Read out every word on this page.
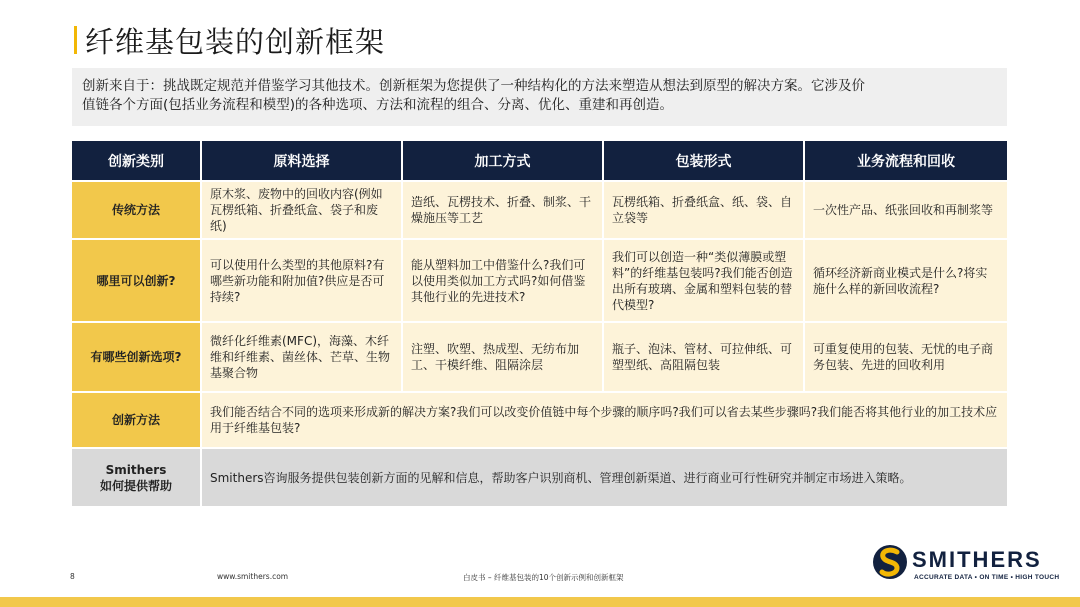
纤维基包装的创新框架
创新来自于：挑战既定规范并借鉴学习其他技术。创新框架为您提供了一种结构化的方法来塑造从想法到原型的解决方案。它涉及价
值链各个方面(包括业务流程和模型)的各种选项、方法和流程的组合、分离、优化、重建和再创造。
创新类别	原料选择	加工方式	包装形式	业务流程和回收
传统方法	原木浆、废物中的回收内容(例如瓦楞纸箱、折叠纸盒、袋子和废纸)	造纸、瓦楞技术、折叠、制浆、干燥施压等工艺	瓦楞纸箱、折叠纸盒、纸、袋、自立袋等	一次性产品、纸张回收和再制浆等
哪里可以创新?	可以使用什么类型的其他原料?有哪些新功能和附加值?供应是否可持续?	能从塑料加工中借鉴什么?我们可以使用类似加工方式吗?如何借鉴其他行业的先进技术?	我们可以创造一种“类似薄膜或塑料”的纤维基包装吗?我们能否创造出所有玻璃、金属和塑料包装的替代模型?	循环经济新商业模式是什么?将实施什么样的新回收流程?
有哪些创新选项?	微纤化纤维素(MFC)，海藻、木纤维和纤维素、菌丝体、芒草、生物基聚合物	注塑、吹塑、热成型、无纺布加工、干模纤维、阻隔涂层	瓶子、泡沫、管材、可拉伸纸、可塑型纸、高阻隔包装	可重复使用的包装、无忧的电子商务包装、先进的回收利用
创新方法	我们能否结合不同的选项来形成新的解决方案?我们可以改变价值链中每个步骤的顺序吗?我们可以省去某些步骤吗?我们能否将其他行业的加工技术应用于纤维基包装?			

Smithers
如何提供帮助	Smithers咨询服务提供包装创新方面的见解和信息，帮助客户识别商机、管理创新渠道、进行商业可行性研究并制定市场进入策略。			
8	www.smithers.com	白皮书 – 纤维基包装的10个创新示例和创新框架
SMITHERS
ACCURATE DATA • ON TIME • HIGH TOUCH
